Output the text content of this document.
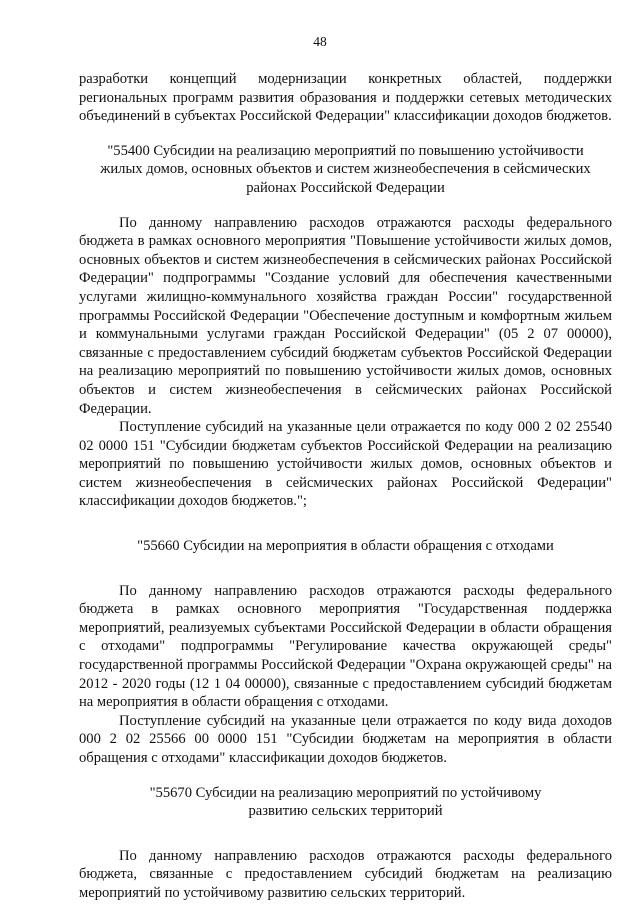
48

разработки концепций модернизации конкретных областей, поддержки региональных программ развития образования и поддержки сетевых методических объединений в субъектах Российской Федерации" классификации доходов бюджетов.

"55400 Субсидии на реализацию мероприятий по повышению устойчивости
жилых домов, основных объектов и систем жизнеобеспечения в сейсмических
районах Российской Федерации

По данному направлению расходов отражаются расходы федерального бюджета в рамках основного мероприятия "Повышение устойчивости жилых домов, основных объектов и систем жизнеобеспечения в сейсмических районах Российской Федерации" подпрограммы "Создание условий для обеспечения качественными услугами жилищно-коммунального хозяйства граждан России" государственной программы Российской Федерации "Обеспечение доступным и комфортным жильем и коммунальными услугами граждан Российской Федерации" (05 2 07 00000), связанные с предоставлением субсидий бюджетам субъектов Российской Федерации на реализацию мероприятий по повышению устойчивости жилых домов, основных объектов и систем жизнеобеспечения в сейсмических районах Российской Федерации.

Поступление субсидий на указанные цели отражается по коду 000 2 02 25540 02 0000 151 "Субсидии бюджетам субъектов Российской Федерации на реализацию мероприятий по повышению устойчивости жилых домов, основных объектов и систем жизнеобеспечения в сейсмических районах Российской Федерации" классификации доходов бюджетов.";

"55660 Субсидии на мероприятия в области обращения с отходами

По данному направлению расходов отражаются расходы федерального бюджета в рамках основного мероприятия "Государственная поддержка мероприятий, реализуемых субъектами Российской Федерации в области обращения с отходами" подпрограммы "Регулирование качества окружающей среды" государственной программы Российской Федерации "Охрана окружающей среды" на 2012 - 2020 годы (12 1 04 00000), связанные с предоставлением субсидий бюджетам на мероприятия в области обращения с отходами.

Поступление субсидий на указанные цели отражается по коду вида доходов 000 2 02 25566 00 0000 151 "Субсидии бюджетам на мероприятия в области обращения с отходами" классификации доходов бюджетов.

"55670 Субсидии на реализацию мероприятий по устойчивому
развитию сельских территорий

По данному направлению расходов отражаются расходы федерального бюджета, связанные с предоставлением субсидий бюджетам на реализацию мероприятий по устойчивому развитию сельских территорий.
